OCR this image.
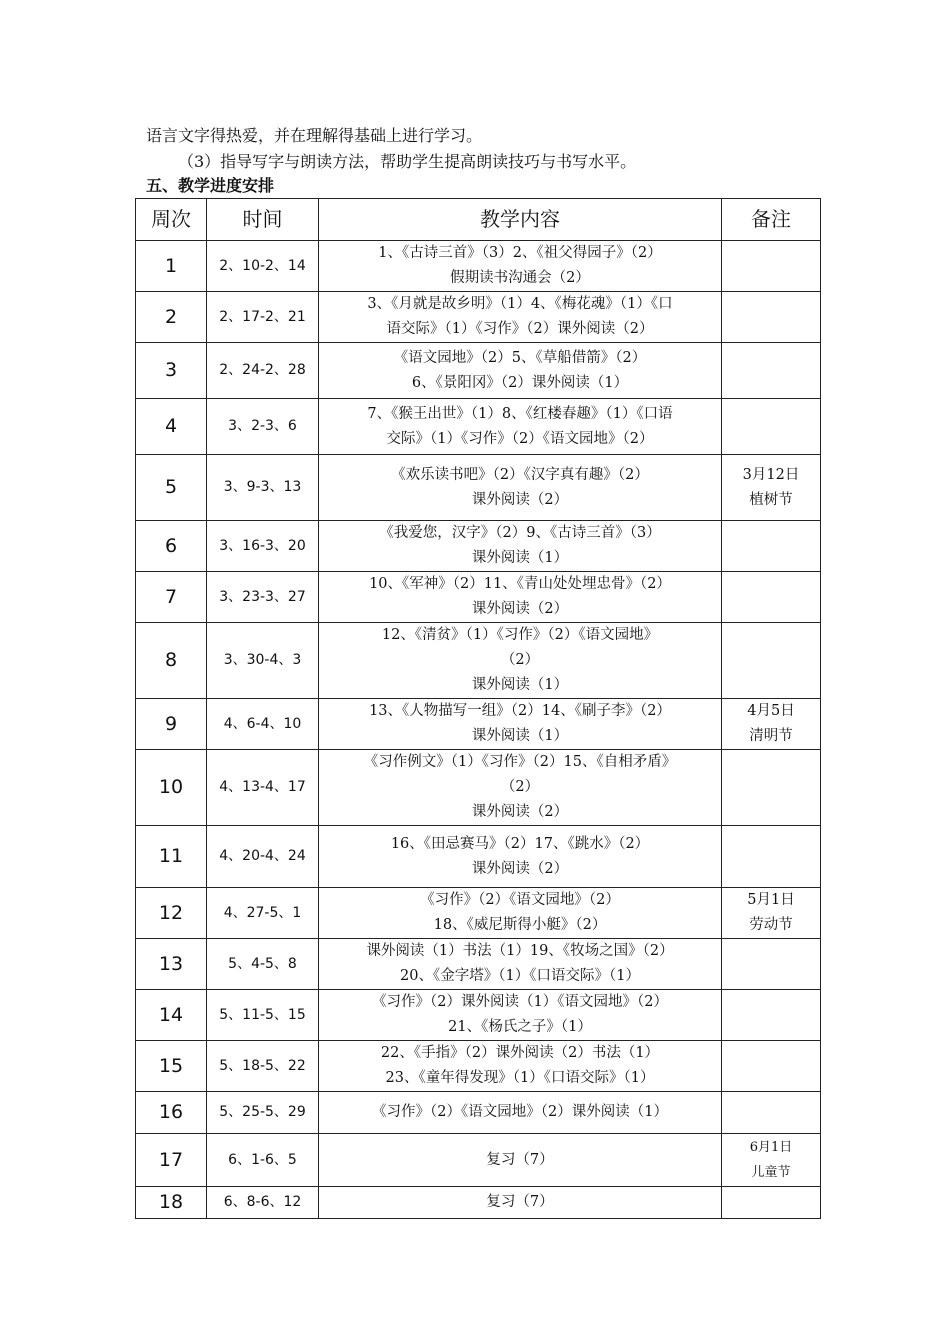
语言文字得热爱，并在理解得基础上进行学习。
（3）指导写字与朗读方法，帮助学生提高朗读技巧与书写水平。
五、教学进度安排
周次	时间	教学内容	备注
1	2、10-2、14	1、《古诗三首》（3）2、《祖父得园子》（2）
假期读书沟通会（2）	

2	2、17-2、21	3、《月就是故乡明》（1）4、《梅花魂》（1）《口
语交际》（1）《习作》（2）课外阅读（2）	

3	2、24-2、28	《语文园地》（2）5、《草船借箭》（2）
6、《景阳冈》（2）课外阅读（1）	

4	3、2-3、6	7、《猴王出世》（1）8、《红楼春趣》（1）《口语
交际》（1）《习作》（2）《语文园地》（2）	

5	3、9-3、13	《欢乐读书吧》（2）《汉字真有趣》（2）
课外阅读（2）	3月12日
植树节

6	3、16-3、20	《我爱您，汉字》（2）9、《古诗三首》（3）
课外阅读（1）	

7	3、23-3、27	10、《军神》（2）11、《青山处处埋忠骨》（2）
课外阅读（2）	

8	3、30-4、3	12、《清贫》（1）《习作》（2）《语文园地》
（2）
课外阅读（1）	

9	4、6-4、10	13、《人物描写一组》（2）14、《刷子李》（2）
课外阅读（1）	4月5日
清明节

10	4、13-4、17	《习作例文》（1）《习作》（2）15、《自相矛盾》
（2）
课外阅读（2）	

11	4、20-4、24	16、《田忌赛马》（2）17、《跳水》（2）
课外阅读（2）	

12	4、27-5、1	《习作》（2）《语文园地》（2）
18、《威尼斯得小艇》（2）	5月1日
劳动节

13	5、4-5、8	课外阅读（1）书法（1）19、《牧场之国》（2）
20、《金字塔》（1）《口语交际》（1）	

14	5、11-5、15	《习作》（2）课外阅读（1）《语文园地》（2）
21、《杨氏之子》（1）	

15	5、18-5、22	22、《手指》（2）课外阅读（2）书法（1）
23、《童年得发现》（1）《口语交际》（1）	

16	5、25-5、29	《习作》（2）《语文园地》（2）课外阅读（1）	

17	6、1-6、5	复习（7）	6月1日
儿童节

18	6、8-6、12	复习（7）	
